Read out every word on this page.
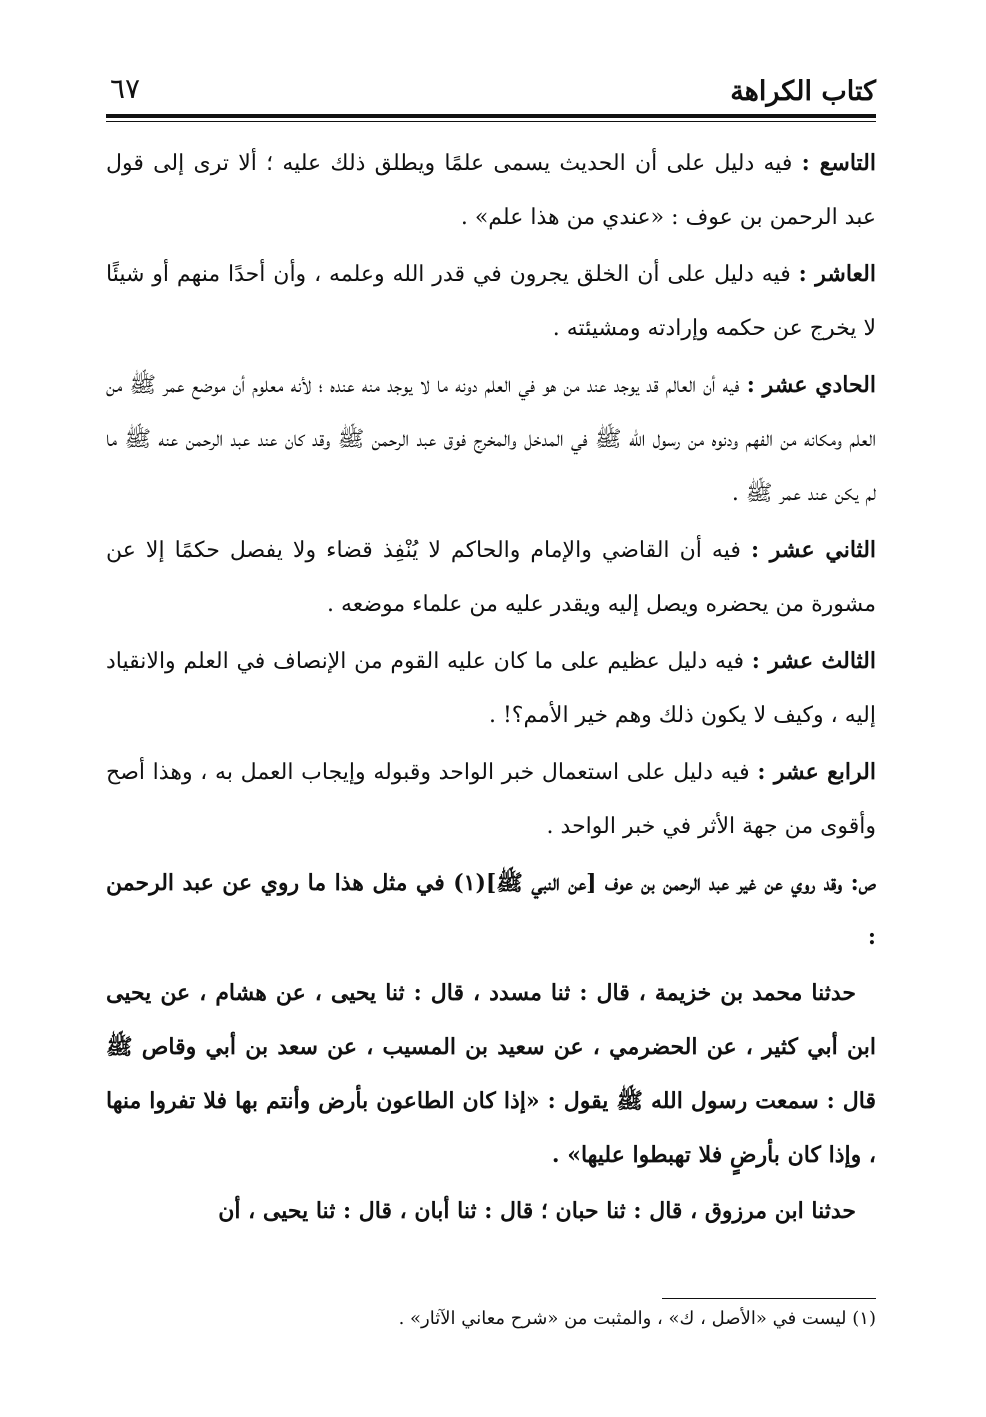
كتاب الكراهة
٦٧

التاسع : فيه دليل على أن الحديث يسمى علمًا ويطلق ذلك عليه ؛ ألا ترى إلى قول عبد الرحمن بن عوف : «عندي من هذا علم» .

العاشر : فيه دليل على أن الخلق يجرون في قدر الله وعلمه ، وأن أحدًا منهم أو شيئًا لا يخرج عن حكمه وإرادته ومشيئته .

الحادي عشر : فيه أن العالم قد يوجد عند من هو في العلم دونه ما لا يوجد منه عنده ؛ لأنه معلوم أن موضع عمر ﷺ من العلم ومكانه من الفهم ودنوه من رسول الله ﷺ في المدخل والمخرج فوق عبد الرحمن ﷺ وقد كان عند عبد الرحمن عنه ﷺ ما لم يكن عند عمر ﷺ .

الثاني عشر : فيه أن القاضي والإمام والحاكم لا يُنْفِذ قضاء ولا يفصل حكمًا إلا عن مشورة من يحضره ويصل إليه ويقدر عليه من علماء موضعه .

الثالث عشر : فيه دليل عظيم على ما كان عليه القوم من الإنصاف في العلم والانقياد إليه ، وكيف لا يكون ذلك وهم خير الأمم؟! .

الرابع عشر : فيه دليل على استعمال خبر الواحد وقبوله وإيجاب العمل به ، وهذا أصح وأقوى من جهة الأثر في خبر الواحد .

ص: وقد روي عن غير عبد الرحمن بن عوف [عن النبي ﷺ](١) في مثل هذا ما روي عن عبد الرحمن :

حدثنا محمد بن خزيمة ، قال : ثنا مسدد ، قال : ثنا يحيى ، عن هشام ، عن يحيى ابن أبي كثير ، عن الحضرمي ، عن سعيد بن المسيب ، عن سعد بن أبي وقاص ﷺ قال : سمعت رسول الله ﷺ يقول : «إذا كان الطاعون بأرض وأنتم بها فلا تفروا منها ، وإذا كان بأرضٍ فلا تهبطوا عليها» .

حدثنا ابن مرزوق ، قال : ثنا حبان ؛ قال : ثنا أبان ، قال : ثنا يحيى ، أن

(١) ليست في «الأصل ، ك» ، والمثبت من «شرح معاني الآثار» .
